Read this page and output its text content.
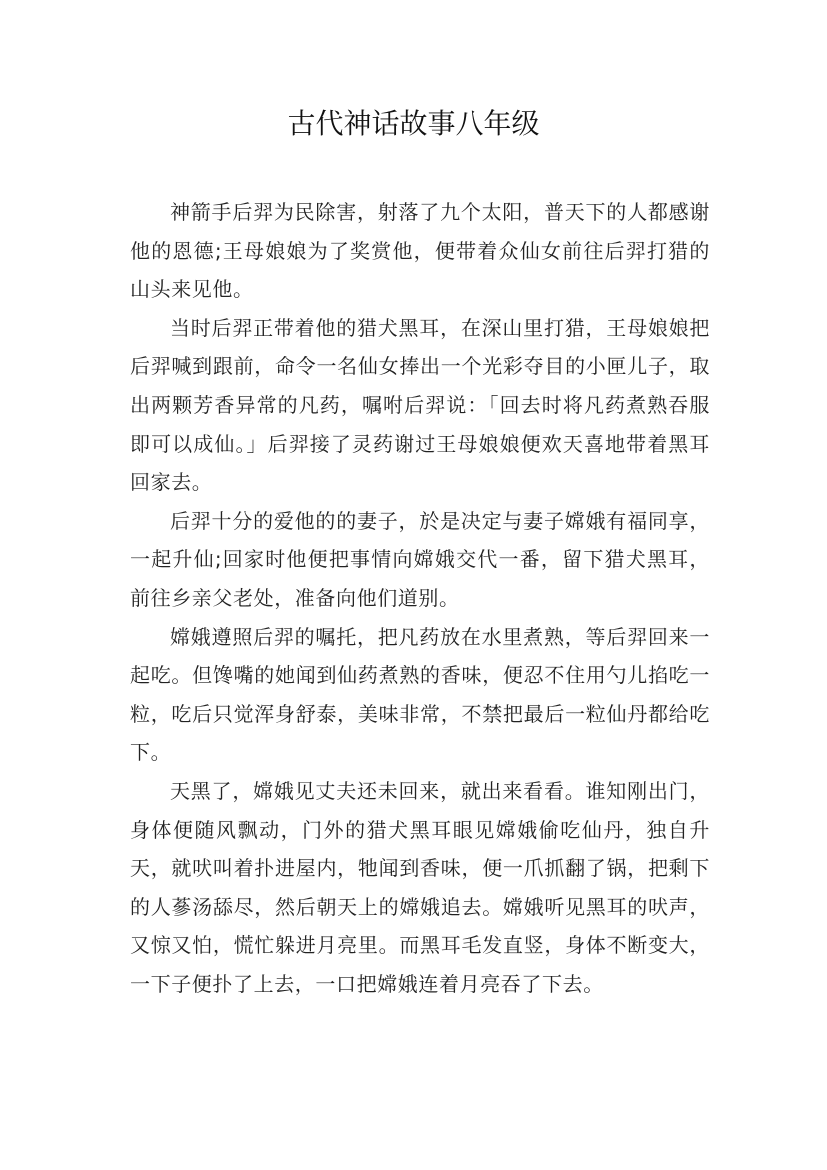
古代神话故事八年级

神箭手后羿为民除害，射落了九个太阳，普天下的人都感谢他的恩德;王母娘娘为了奖赏他，便带着众仙女前往后羿打猎的山头来见他。

当时后羿正带着他的猎犬黑耳，在深山里打猎，王母娘娘把后羿喊到跟前，命令一名仙女捧出一个光彩夺目的小匣儿子，取出两颗芳香异常的凡药，嘱咐后羿说：「回去时将凡药煮熟吞服即可以成仙。」后羿接了灵药谢过王母娘娘便欢天喜地带着黑耳回家去。

后羿十分的爱他的的妻子，於是决定与妻子嫦娥有福同享，一起升仙;回家时他便把事情向嫦娥交代一番，留下猎犬黑耳，前往乡亲父老处，准备向他们道别。

嫦娥遵照后羿的嘱托，把凡药放在水里煮熟，等后羿回来一起吃。但馋嘴的她闻到仙药煮熟的香味，便忍不住用勺儿掐吃一粒，吃后只觉浑身舒泰，美味非常，不禁把最后一粒仙丹都给吃下。

天黑了，嫦娥见丈夫还未回来，就出来看看。谁知刚出门，身体便随风飘动，门外的猎犬黑耳眼见嫦娥偷吃仙丹，独自升天，就吠叫着扑进屋内，牠闻到香味，便一爪抓翻了锅，把剩下的人蔘汤舔尽，然后朝天上的嫦娥追去。嫦娥听见黑耳的吠声，又惊又怕，慌忙躲进月亮里。而黑耳毛发直竖，身体不断变大，一下子便扑了上去，一口把嫦娥连着月亮吞了下去。
